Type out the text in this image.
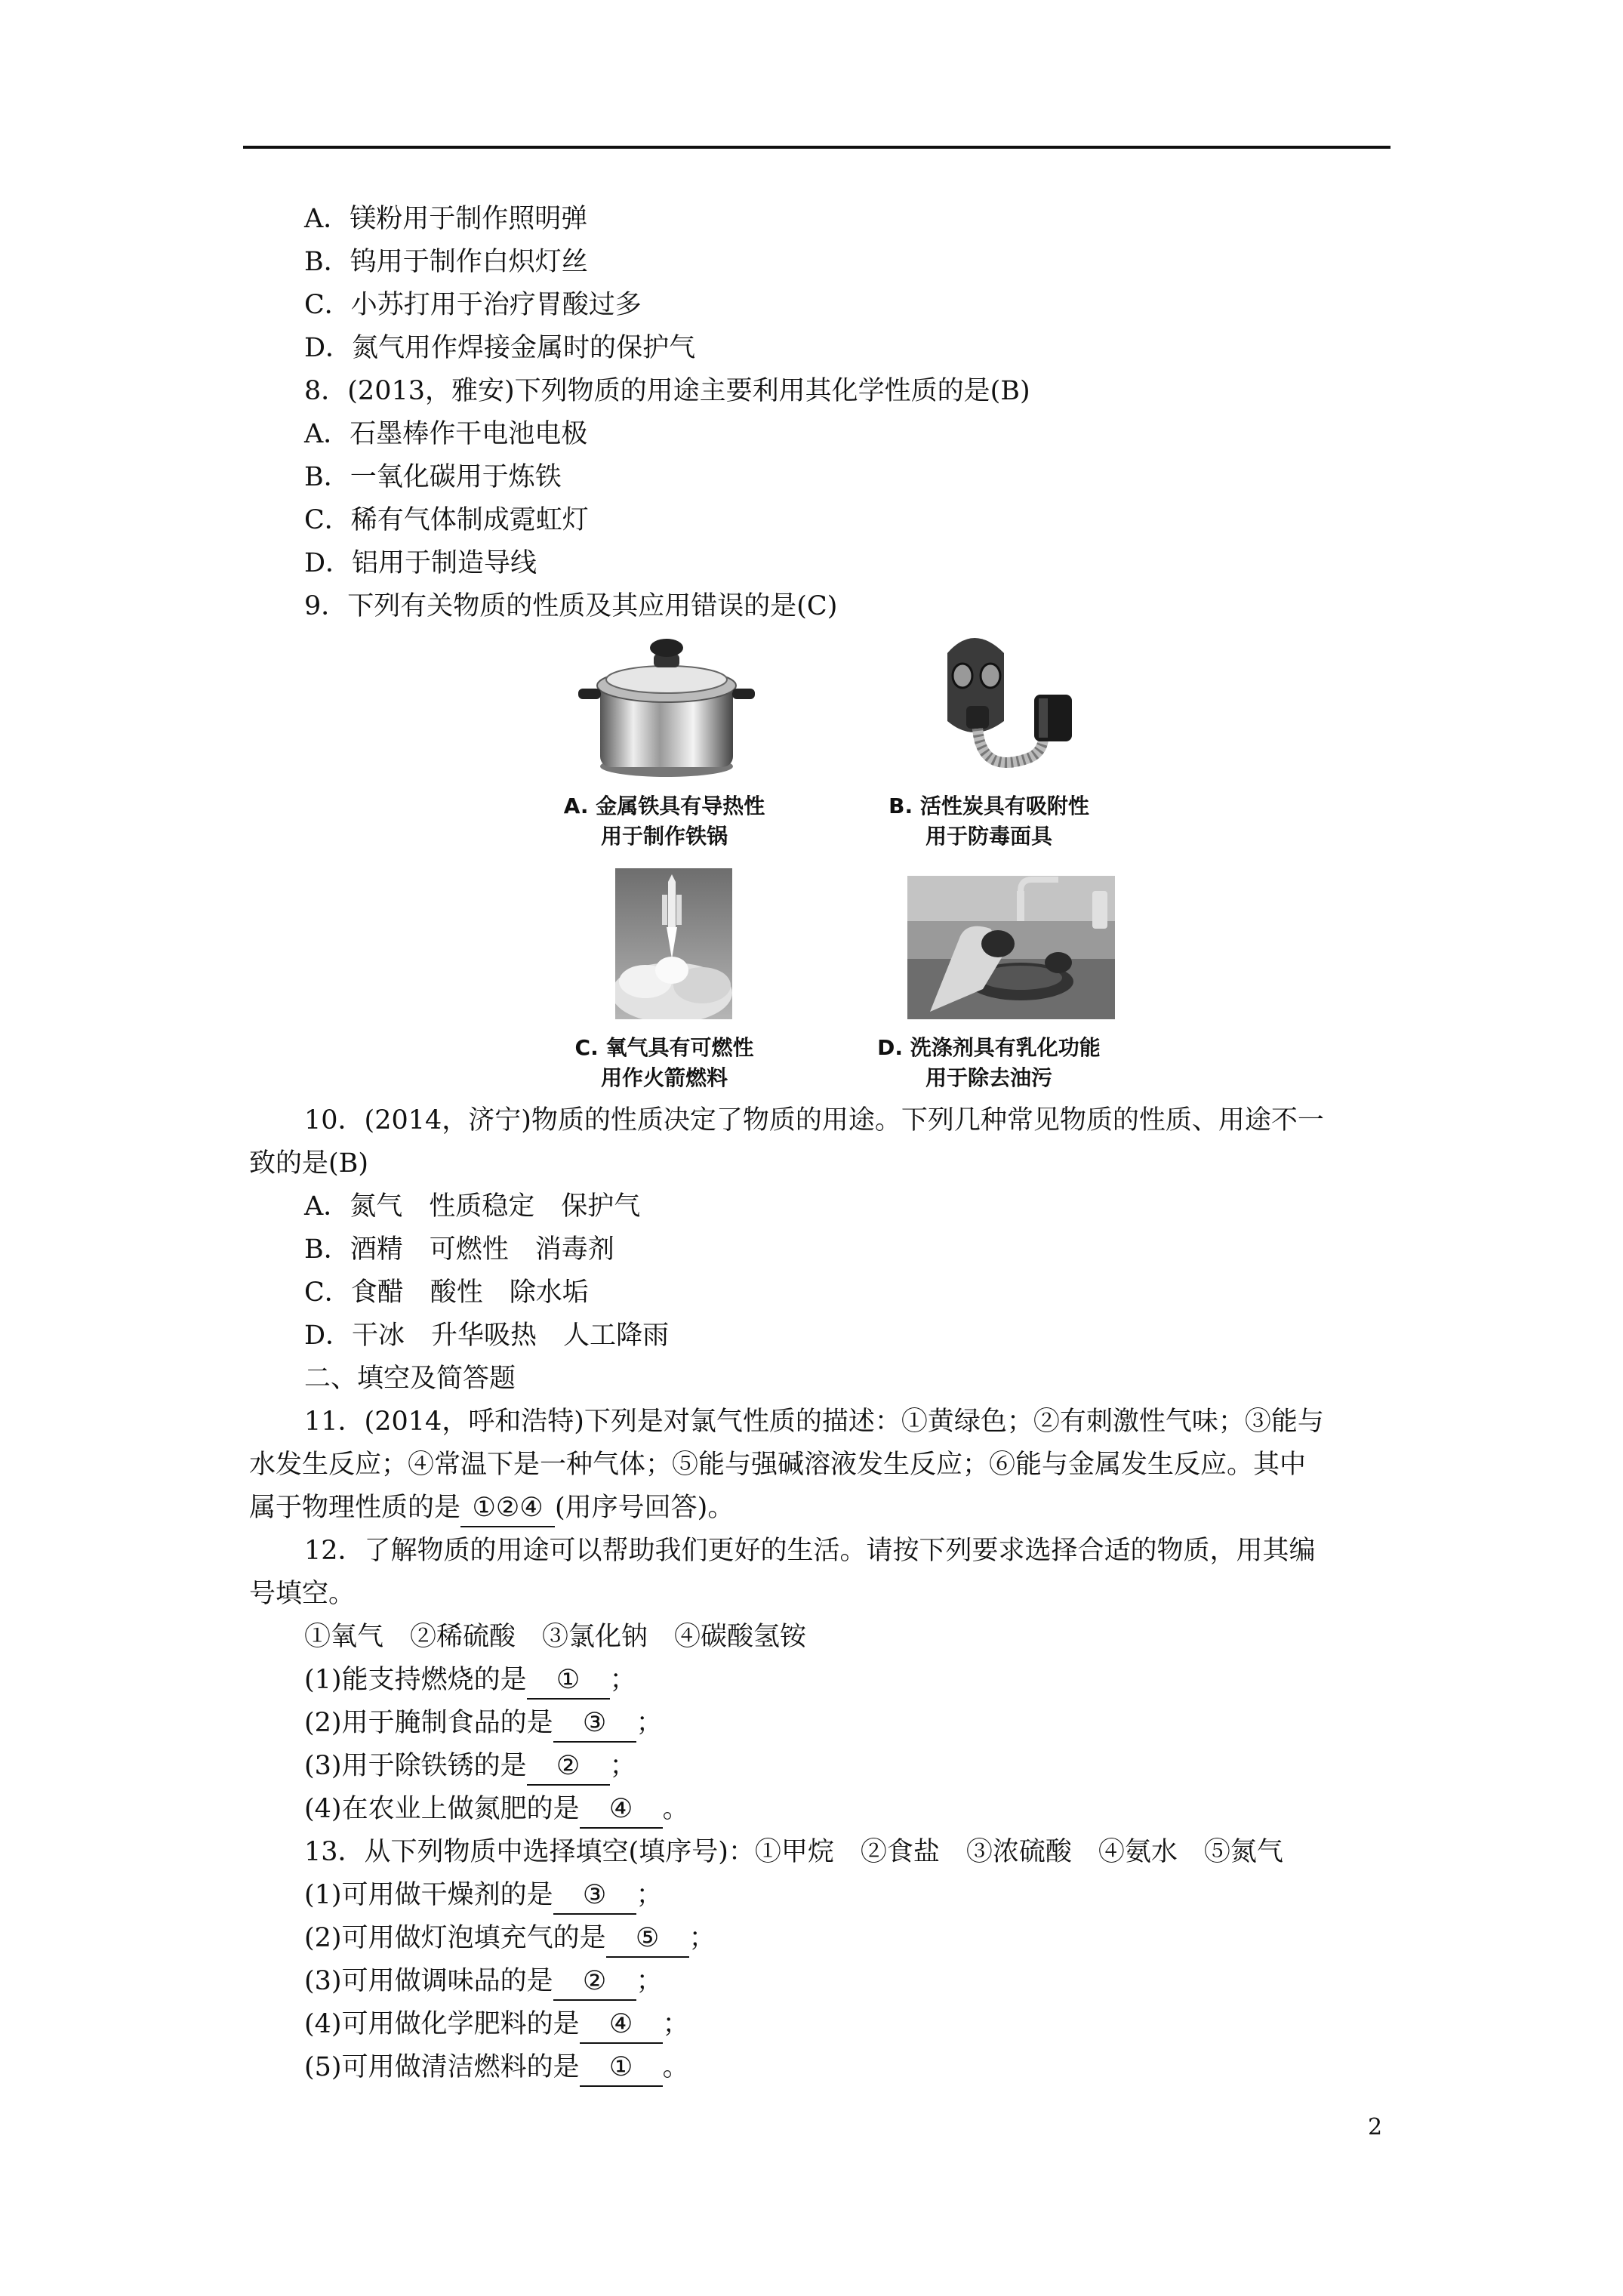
A．镁粉用于制作照明弹
B．钨用于制作白炽灯丝
C．小苏打用于治疗胃酸过多
D．氮气用作焊接金属时的保护气
8．(2013，雅安)下列物质的用途主要利用其化学性质的是(B)
A．石墨棒作干电池电极
B．一氧化碳用于炼铁
C．稀有气体制成霓虹灯
D．铝用于制造导线
9．下列有关物质的性质及其应用错误的是(C)
A. 金属铁具有导热性
用于制作铁锅
B. 活性炭具有吸附性
用于防毒面具
C. 氧气具有可燃性
用作火箭燃料
D. 洗涤剂具有乳化功能
用于除去油污
10．(2014，济宁)物质的性质决定了物质的用途。下列几种常见物质的性质、用途不一
致的是(B)
A．氮气　性质稳定　保护气
B．酒精　可燃性　消毒剂
C．食醋　酸性　除水垢
D．干冰　升华吸热　人工降雨
二、填空及简答题
11．(2014，呼和浩特)下列是对氯气性质的描述：①黄绿色；②有刺激性气味；③能与
水发生反应；④常温下是一种气体；⑤能与强碱溶液发生反应；⑥能与金属发生反应。其中
属于物理性质的是 ①②④ (用序号回答)。
12．了解物质的用途可以帮助我们更好的生活。请按下列要求选择合适的物质，用其编
号填空。
①氧气　②稀硫酸　③氯化钠　④碳酸氢铵
(1)能支持燃烧的是 ① ；
(2)用于腌制食品的是 ③ ；
(3)用于除铁锈的是 ② ；
(4)在农业上做氮肥的是 ④ 。
13．从下列物质中选择填空(填序号)：①甲烷　②食盐　③浓硫酸　④氨水　⑤氮气
(1)可用做干燥剂的是 ③ ；
(2)可用做灯泡填充气的是 ⑤ ；
(3)可用做调味品的是 ② ；
(4)可用做化学肥料的是 ④ ；
(5)可用做清洁燃料的是 ① 。
2
